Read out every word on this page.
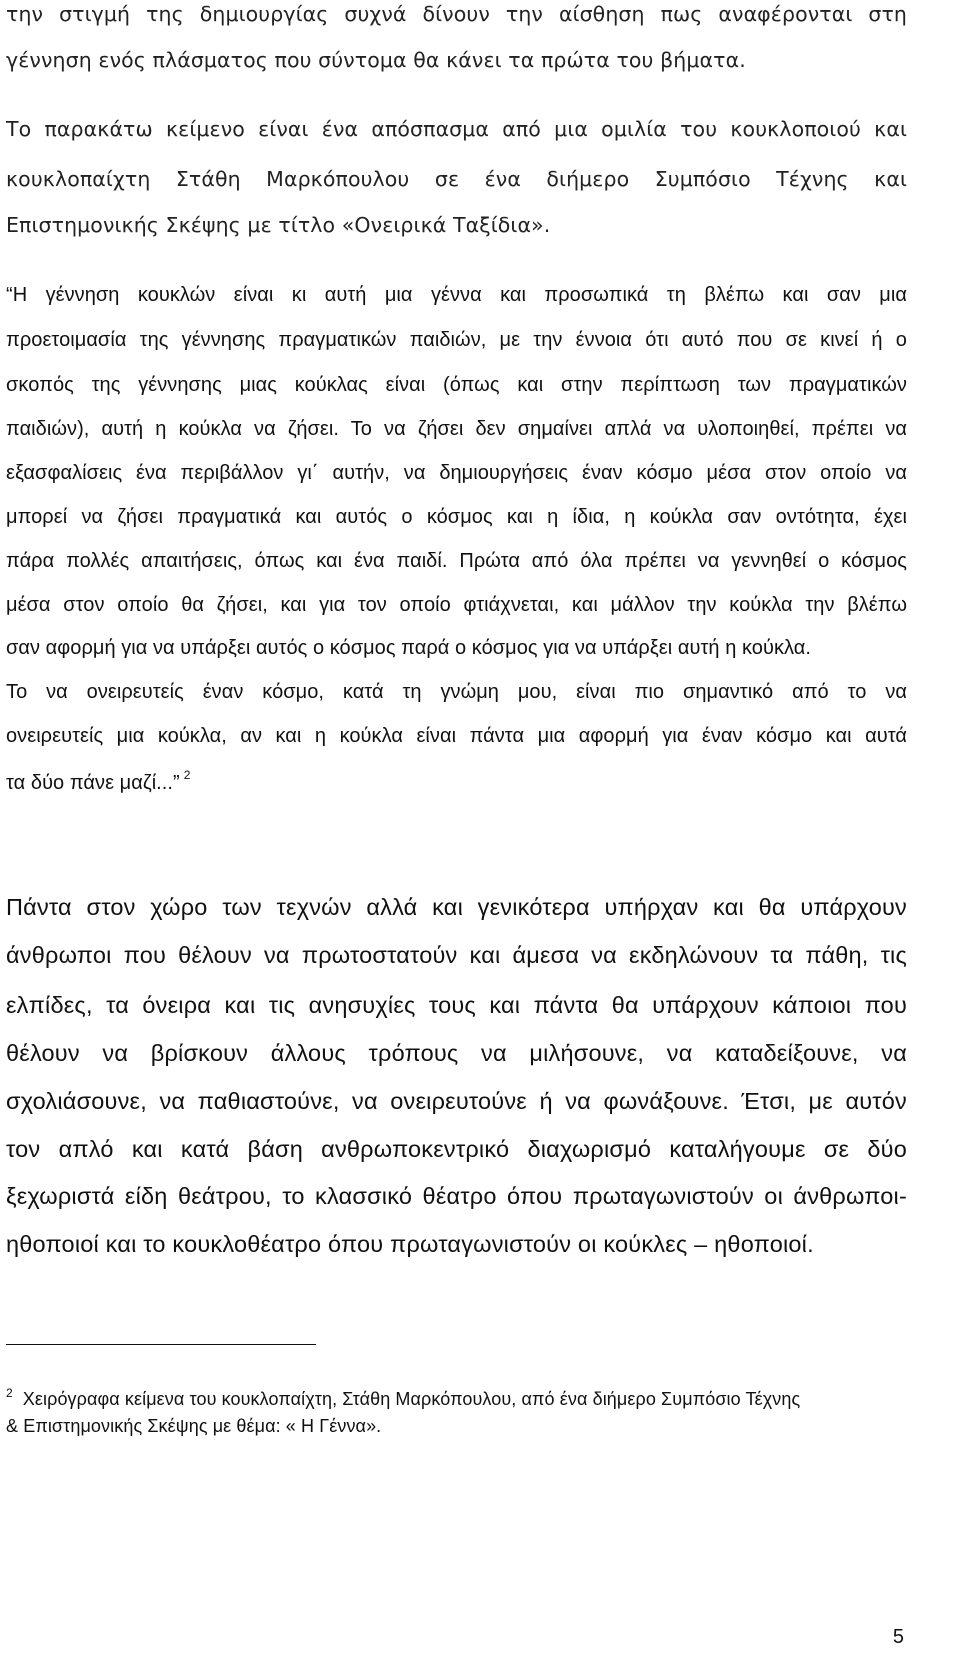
την στιγμή της δημιουργίας συχνά δίνουν την αίσθηση πως αναφέρονται στη
γέννηση ενός πλάσματος που σύντομα θα κάνει τα πρώτα του βήματα.
Το παρακάτω κείμενο είναι ένα απόσπασμα από μια ομιλία του κουκλοποιού και
κουκλοπαίχτη Στάθη Μαρκόπουλου σε ένα διήμερο Συμπόσιο Τέχνης και
Επιστημονικής Σκέψης με τίτλο «Ονειρικά Ταξίδια».
“Η γέννηση κουκλών είναι κι αυτή μια γέννα και προσωπικά τη βλέπω και σαν μια
προετοιμασία της γέννησης πραγματικών παιδιών, με την έννοια ότι αυτό που σε κινεί ή ο
σκοπός της γέννησης μιας κούκλας είναι (όπως και στην περίπτωση των πραγματικών
παιδιών), αυτή η κούκλα να ζήσει. Το να ζήσει δεν σημαίνει απλά να υλοποιηθεί, πρέπει να
εξασφαλίσεις ένα περιβάλλον γι΄ αυτήν, να δημιουργήσεις έναν κόσμο μέσα στον οποίο να
μπορεί να ζήσει πραγματικά και αυτός ο κόσμος και η ίδια, η κούκλα σαν οντότητα, έχει
πάρα πολλές απαιτήσεις, όπως και ένα παιδί. Πρώτα από όλα πρέπει να γεννηθεί ο κόσμος
μέσα στον οποίο θα ζήσει, και για τον οποίο φτιάχνεται, και μάλλον την κούκλα την βλέπω
σαν αφορμή για να υπάρξει αυτός ο κόσμος παρά ο κόσμος για να υπάρξει αυτή η κούκλα.
Το να ονειρευτείς έναν κόσμο, κατά τη γνώμη μου, είναι πιο σημαντικό από το να
ονειρευτείς μια κούκλα, αν και η κούκλα είναι πάντα μια αφορμή για έναν κόσμο και αυτά
τα δύο πάνε μαζί...” $^2$
Πάντα στον χώρο των τεχνών αλλά και γενικότερα υπήρχαν και θα υπάρχουν
άνθρωποι που θέλουν να πρωτοστατούν και άμεσα να εκδηλώνουν τα πάθη, τις
ελπίδες, τα όνειρα και τις ανησυχίες τους και πάντα θα υπάρχουν κάποιοι που
θέλουν να βρίσκουν άλλους τρόπους να μιλήσουνε, να καταδείξουνε, να
σχολιάσουνε, να παθιαστούνε, να ονειρευτούνε ή να φωνάξουνε. Έτσι, με αυτόν
τον απλό και κατά βάση ανθρωποκεντρικό διαχωρισμό καταλήγουμε σε δύο
ξεχωριστά είδη θεάτρου, το κλασσικό θέατρο όπου πρωταγωνιστούν οι άνθρωποι-
ηθοποιοί και το κουκλοθέατρο όπου πρωταγωνιστούν οι κούκλες – ηθοποιοί.
$^2$ Χειρόγραφα κείμενα του κουκλοπαίχτη, Στάθη Μαρκόπουλου, από ένα διήμερο Συμπόσιο Τέχνης
& Επιστημονικής Σκέψης με θέμα: « Η Γέννα».
5
